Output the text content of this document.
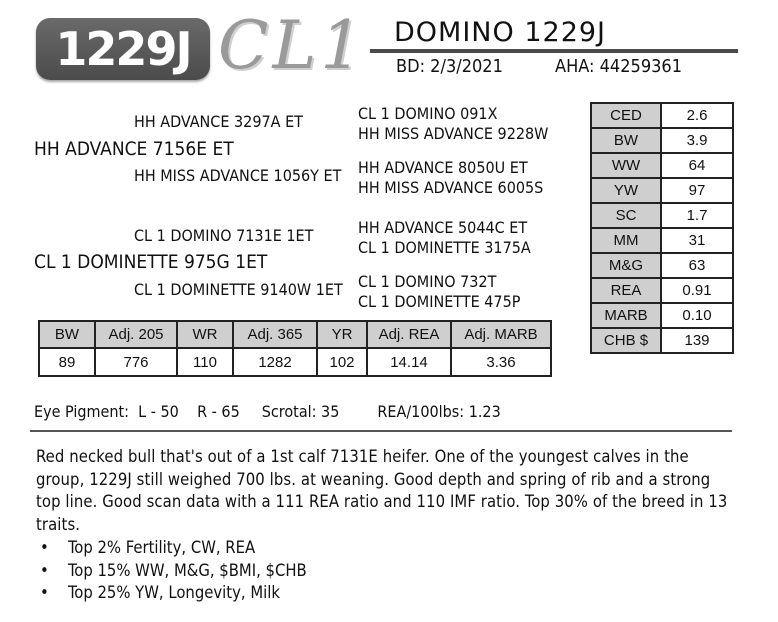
1229J CL1 DOMINO 1229J
BD: 2/3/2021	AHA: 44259361
HH ADVANCE 3297A ET
HH ADVANCE 7156E ET
HH MISS ADVANCE 1056Y ET
CL 1 DOMINO 7131E 1ET
CL 1 DOMINETTE 975G 1ET
CL 1 DOMINETTE 9140W 1ET
CL 1 DOMINO 091X
HH MISS ADVANCE 9228W
HH ADVANCE 8050U ET
HH MISS ADVANCE 6005S
HH ADVANCE 5044C ET
CL 1 DOMINETTE 3175A
CL 1 DOMINO 732T
CL 1 DOMINETTE 475P
CED	2.6
BW	3.9
WW	64
YW	97
SC	1.7
MM	31
M&G	63
REA	0.91
MARB	0.10
CHB $	139
BW	Adj. 205	WR	Adj. 365	YR	Adj. REA	Adj. MARB
89	776	110	1282	102	14.14	3.36
Eye Pigment:  L - 50    R - 65 Scrotal: 35 REA/100lbs: 1.23
Red necked bull that's out of a 1st calf 7131E heifer. One of the youngest calves in the group, 1229J still weighed 700 lbs. at weaning. Good depth and spring of rib and a strong top line. Good scan data with a 111 REA ratio and 110 IMF ratio. Top 30% of the breed in 13 traits.
• Top 2% Fertility, CW, REA
• Top 15% WW, M&G, $BMI, $CHB
• Top 25% YW, Longevity, Milk
